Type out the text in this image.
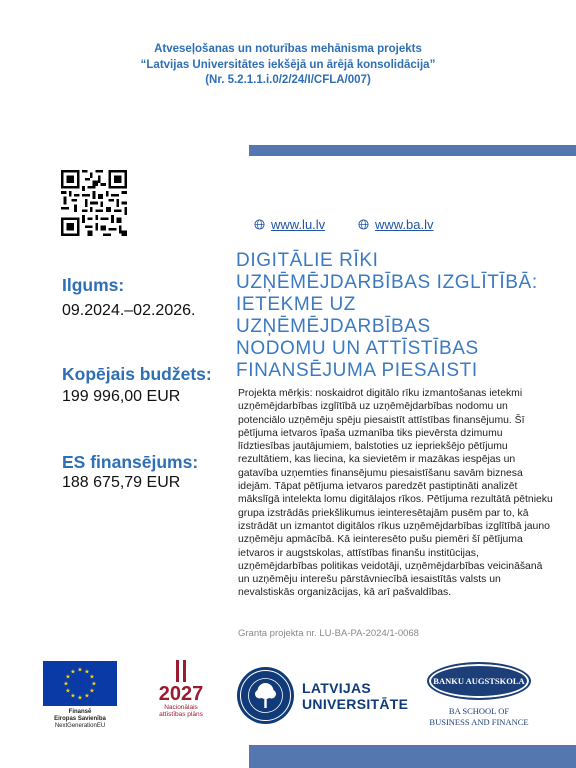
Atveseļošanas un noturības mehānisma projekts
“Latvijas Universitātes iekšējā un ārējā konsolidācija”
(Nr. 5.2.1.1.i.0/2/24/I/CFLA/007)
www.lu.lv	www.ba.lv
Ilgums:
09.2024.–02.2026.
Kopējais budžets:
199 996,00 EUR
ES finansējums:
188 675,79 EUR
DIGITĀLIE RĪKI
UZŅĒMĒJDARBĪBAS IZGLĪTĪBĀ:
IETEKME UZ UZŅĒMĒJDARBĪBAS
NODOMU UN ATTĪSTĪBAS
FINANSĒJUMA PIESAISTI
Projekta mērķis: noskaidrot digitālo rīku izmantošanas ietekmi uzņēmējdarbības izglītībā uz uzņēmējdarbības nodomu un potenciālo uzņēmēju spēju piesaistīt attīstības finansējumu. Šī pētījuma ietvaros īpaša uzmanība tiks pievērsta dzimumu līdztiesības jautājumiem, balstoties uz iepriekšējo pētījumu rezultātiem, kas liecina, ka sievietēm ir mazākas iespējas un gatavība uzņemties finansējumu piesaistīšanu savām biznesa idejām. Tāpat pētījuma ietvaros paredzēt pastiptināti analizēt mākslīgā intelekta lomu digitālajos rīkos. Pētījuma rezultātā pētnieku grupa izstrādās priekšlikumus ieinteresētajām pusēm par to, kā izstrādāt un izmantot digitālos rīkus uzņēmējdarbības izglītībā jauno uzņēmēju apmācībā. Kā ieinteresēto pušu piemēri šī pētījuma ietvaros ir augstskolas, attīstības finanšu institūcijas, uzņēmējdarbības politikas veidotāji, uzņēmējdarbības veicināšanā un uzņēmēju interešu pārstāvniecībā iesaistītās valsts un nevalstiskās organizācijas, kā arī pašvaldības.
Granta projekta nr. LU-BA-PA-2024/1-0068
★ ★
★
★
★
★
★
★
★
★
★
★
Finansē
Eiropas Savienība
NextGenerationEU
2027
Nacionālais
attīstības plāns
LATVIJAS
UNIVERSITĀTE
BANKU AUGSTSKOLA
BA SCHOOL OF
BUSINESS AND FINANCE
